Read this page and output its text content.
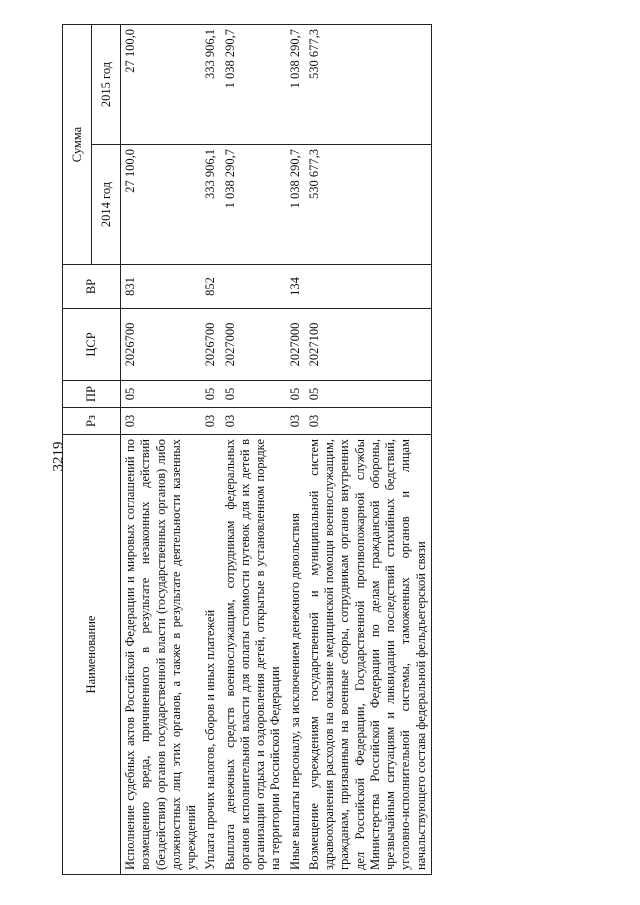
3219
Наименование	Рз	ПР	ЦСР	ВР	Сумма	
					2014 год	2015 год
Исполнение судебных актов Российской Федерации и мировых соглашений по возмещению вреда, причиненного в результате незаконных действий (бездействия) органов государственной власти (государственных органов) либо должностных лиц этих органов, а также в результате деятельности казенных учреждений	03	05	2026700	831	27 100,0	27 100,0
Уплата прочих налогов, сборов и иных платежей	03	05	2026700	852	333 906,1	333 906,1
Выплата денежных средств военнослужащим, сотрудникам федеральных органов исполнительной власти для оплаты стоимости путевок для их детей в организации отдыха и оздоровления детей, открытые в установленном порядке на территории Российской Федерации	03	05	2027000		1 038 290,7	1 038 290,7
Иные выплаты персоналу, за исключением денежного довольствия	03	05	2027000	134	1 038 290,7	1 038 290,7
Возмещение учреждениям государственной и муниципальной систем здравоохранения расходов на оказание медицинской помощи военнослужащим, гражданам, призванным на военные сборы, сотрудникам органов внутренних дел Российской Федерации, Государственной противопожарной службы Министерства Российской Федерации по делам гражданской обороны, чрезвычайным ситуациям и ликвидации последствий стихийных бедствий, уголовно-исполнительной системы, таможенных органов и лицам начальствующего состава федеральной фельдъегерской связи	03	05	2027100		530 677,3	530 677,3
